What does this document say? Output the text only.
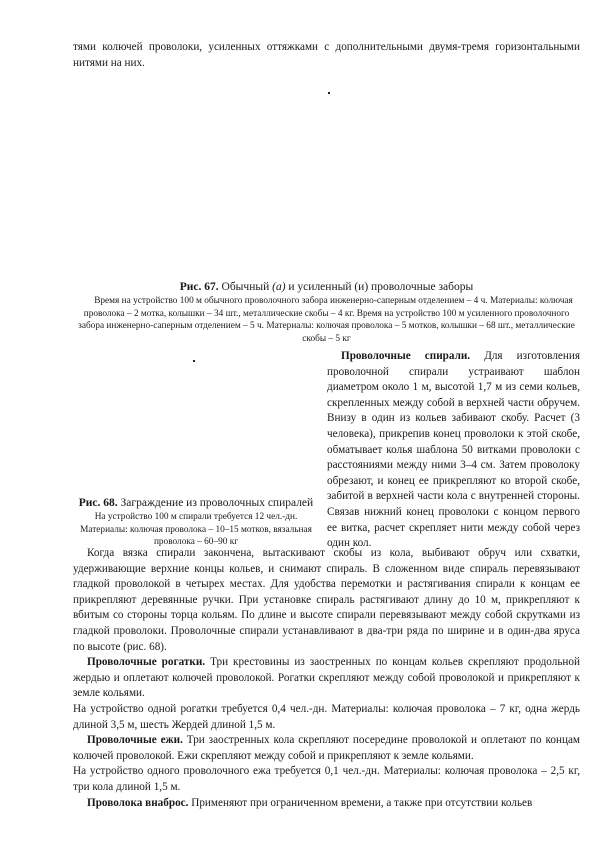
тями колючей проволоки, усиленных оттяжками с дополнительными двумя-тремя горизонтальными нитями на них.

Рис. 67. Обычный (а) и усиленный (и) проволочные заборы
Время на устройство 100 м обычного проволочного забора инженерно-саперным отделением – 4 ч. Материалы: колючая проволока – 2 мотка, колышки – 34 шт., металлические скобы – 4 кг. Время на устройство 100 м усиленного проволочного забора инженерно-саперным отделением – 5 ч. Материалы: колючая проволока – 5 мотков, колышки – 68 шт., металлические скобы – 5 кг
Проволочные спирали. Для изготовления проволочной спирали устраивают шаблон диаметром около 1 м, высотой 1,7 м из семи кольев, скрепленных между собой в верхней части обручем. Внизу в один из кольев забивают скобу. Расчет (3 человека), прикрепив конец проволоки к этой скобе, обматывает колья шаблона 50 витками проволоки с расстояниями между ними 3–4 см. Затем проволоку обрезают, и конец ее прикрепляют ко второй скобе, забитой в верхней части кола с внутренней стороны. Связав нижний конец проволоки с концом первого ее витка, расчет скрепляет нити между собой через один кол.
Рис. 68. Заграждение из проволочных спиралей
На устройство 100 м спирали требуется 12 чел.-дн. Материалы: колючая проволока – 10–15 мотков, вязальная проволока – 60–90 кг

Когда вязка спирали закончена, вытаскивают скобы из кола, выбивают обруч или схватки, удерживающие верхние концы кольев, и снимают спираль. В сложенном виде спираль перевязывают гладкой проволокой в четырех местах. Для удобства перемотки и растягивания спирали к концам ее прикрепляют деревянные ручки. При установке спираль растягивают длину до 10 м, прикрепляют к вбитым со стороны торца кольям. По длине и высоте спирали перевязывают между собой скрутками из гладкой проволоки. Проволочные спирали устанавливают в два-три ряда по ширине и в один-два яруса по высоте (рис. 68).

Проволочные рогатки. Три крестовины из заостренных по концам кольев скрепляют продольной жердью и оплетают колючей проволокой. Рогатки скрепляют между собой проволокой и прикрепляют к земле кольями.

На устройство одной рогатки требуется 0,4 чел.-дн. Материалы: колючая проволока – 7 кг, одна жердь длиной 3,5 м, шесть Жердей длиной 1,5 м.

Проволочные ежи. Три заостренных кола скрепляют посередине проволокой и оплетают по концам колючей проволокой. Ежи скрепляют между собой и прикрепляют к земле кольями.

На устройство одного проволочного ежа требуется 0,1 чел.-дн. Материалы: колючая проволока – 2,5 кг, три кола длиной 1,5 м.

Проволока внаброс. Применяют при ограниченном времени, а также при отсутствии кольев
